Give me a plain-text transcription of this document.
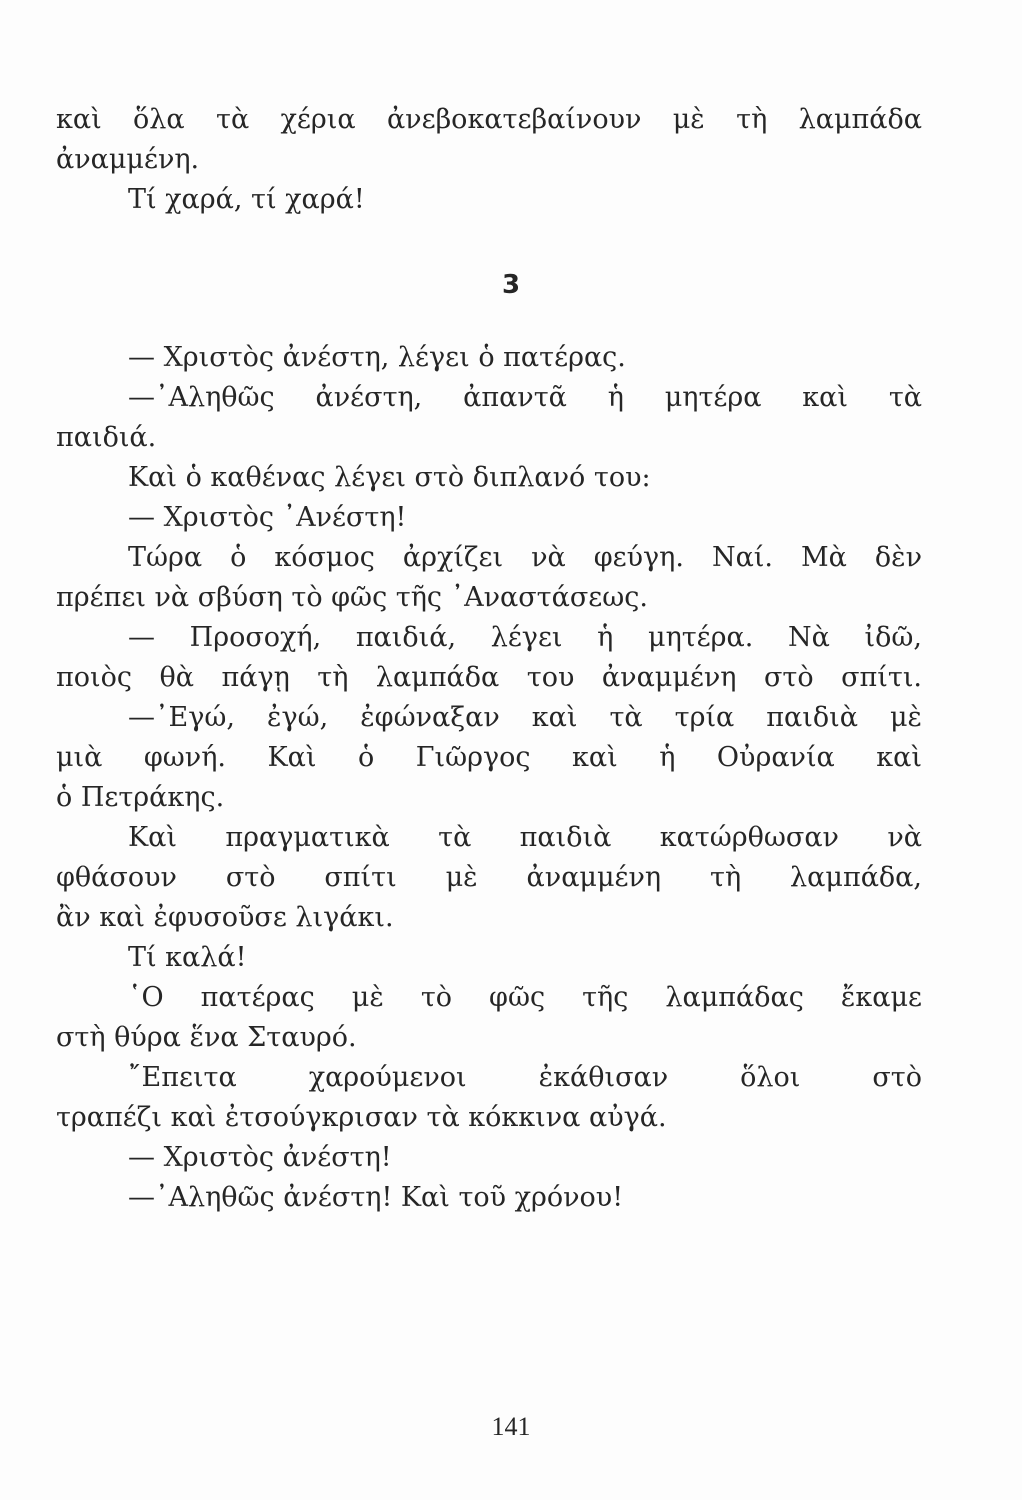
καὶ ὅλα τὰ χέρια ἀνεβοκατεβαίνουν μὲ τὴ λαμπάδα
ἀναμμένη.
Τί χαρά, τί χαρά!
3
— Χριστὸς ἀνέστη, λέγει ὁ πατέρας.
—᾽Αληθῶς ἀνέστη, ἀπαντᾶ ἡ μητέρα καὶ τὰ
παιδιά.
Καὶ ὁ καθένας λέγει στὸ διπλανό του:
— Χριστὸς ᾽Ανέστη!
Τώρα ὁ κόσμος ἀρχίζει νὰ φεύγη. Ναί. Μὰ δὲν
πρέπει νὰ σβύση τὸ φῶς τῆς ᾽Αναστάσεως.
— Προσοχή, παιδιά, λέγει ἡ μητέρα. Νὰ ἰδῶ,
ποιὸς θὰ πάγῃ τὴ λαμπάδα του ἀναμμένη στὸ σπίτι.
—᾽Εγώ, ἐγώ, ἐφώναξαν καὶ τὰ τρία παιδιὰ μὲ
μιὰ φωνή. Καὶ ὁ Γιῶργος καὶ ἡ Οὐρανία καὶ
ὁ Πετράκης.
Καὶ πραγματικὰ τὰ παιδιὰ κατώρθωσαν νὰ
φθάσουν στὸ σπίτι μὲ ἀναμμένη τὴ λαμπάδα,
ἂν καὶ ἐφυσοῦσε λιγάκι.
Τί καλά!
῾Ο πατέρας μὲ τὸ φῶς τῆς λαμπάδας ἔκαμε
στὴ θύρα ἕνα Σταυρό.
῎Επειτα χαρούμενοι ἐκάθισαν ὅλοι στὸ
τραπέζι καὶ ἐτσούγκρισαν τὰ κόκκινα αὐγά.
— Χριστὸς ἀνέστη!
—᾽Αληθῶς ἀνέστη! Καὶ τοῦ χρόνου!
141
